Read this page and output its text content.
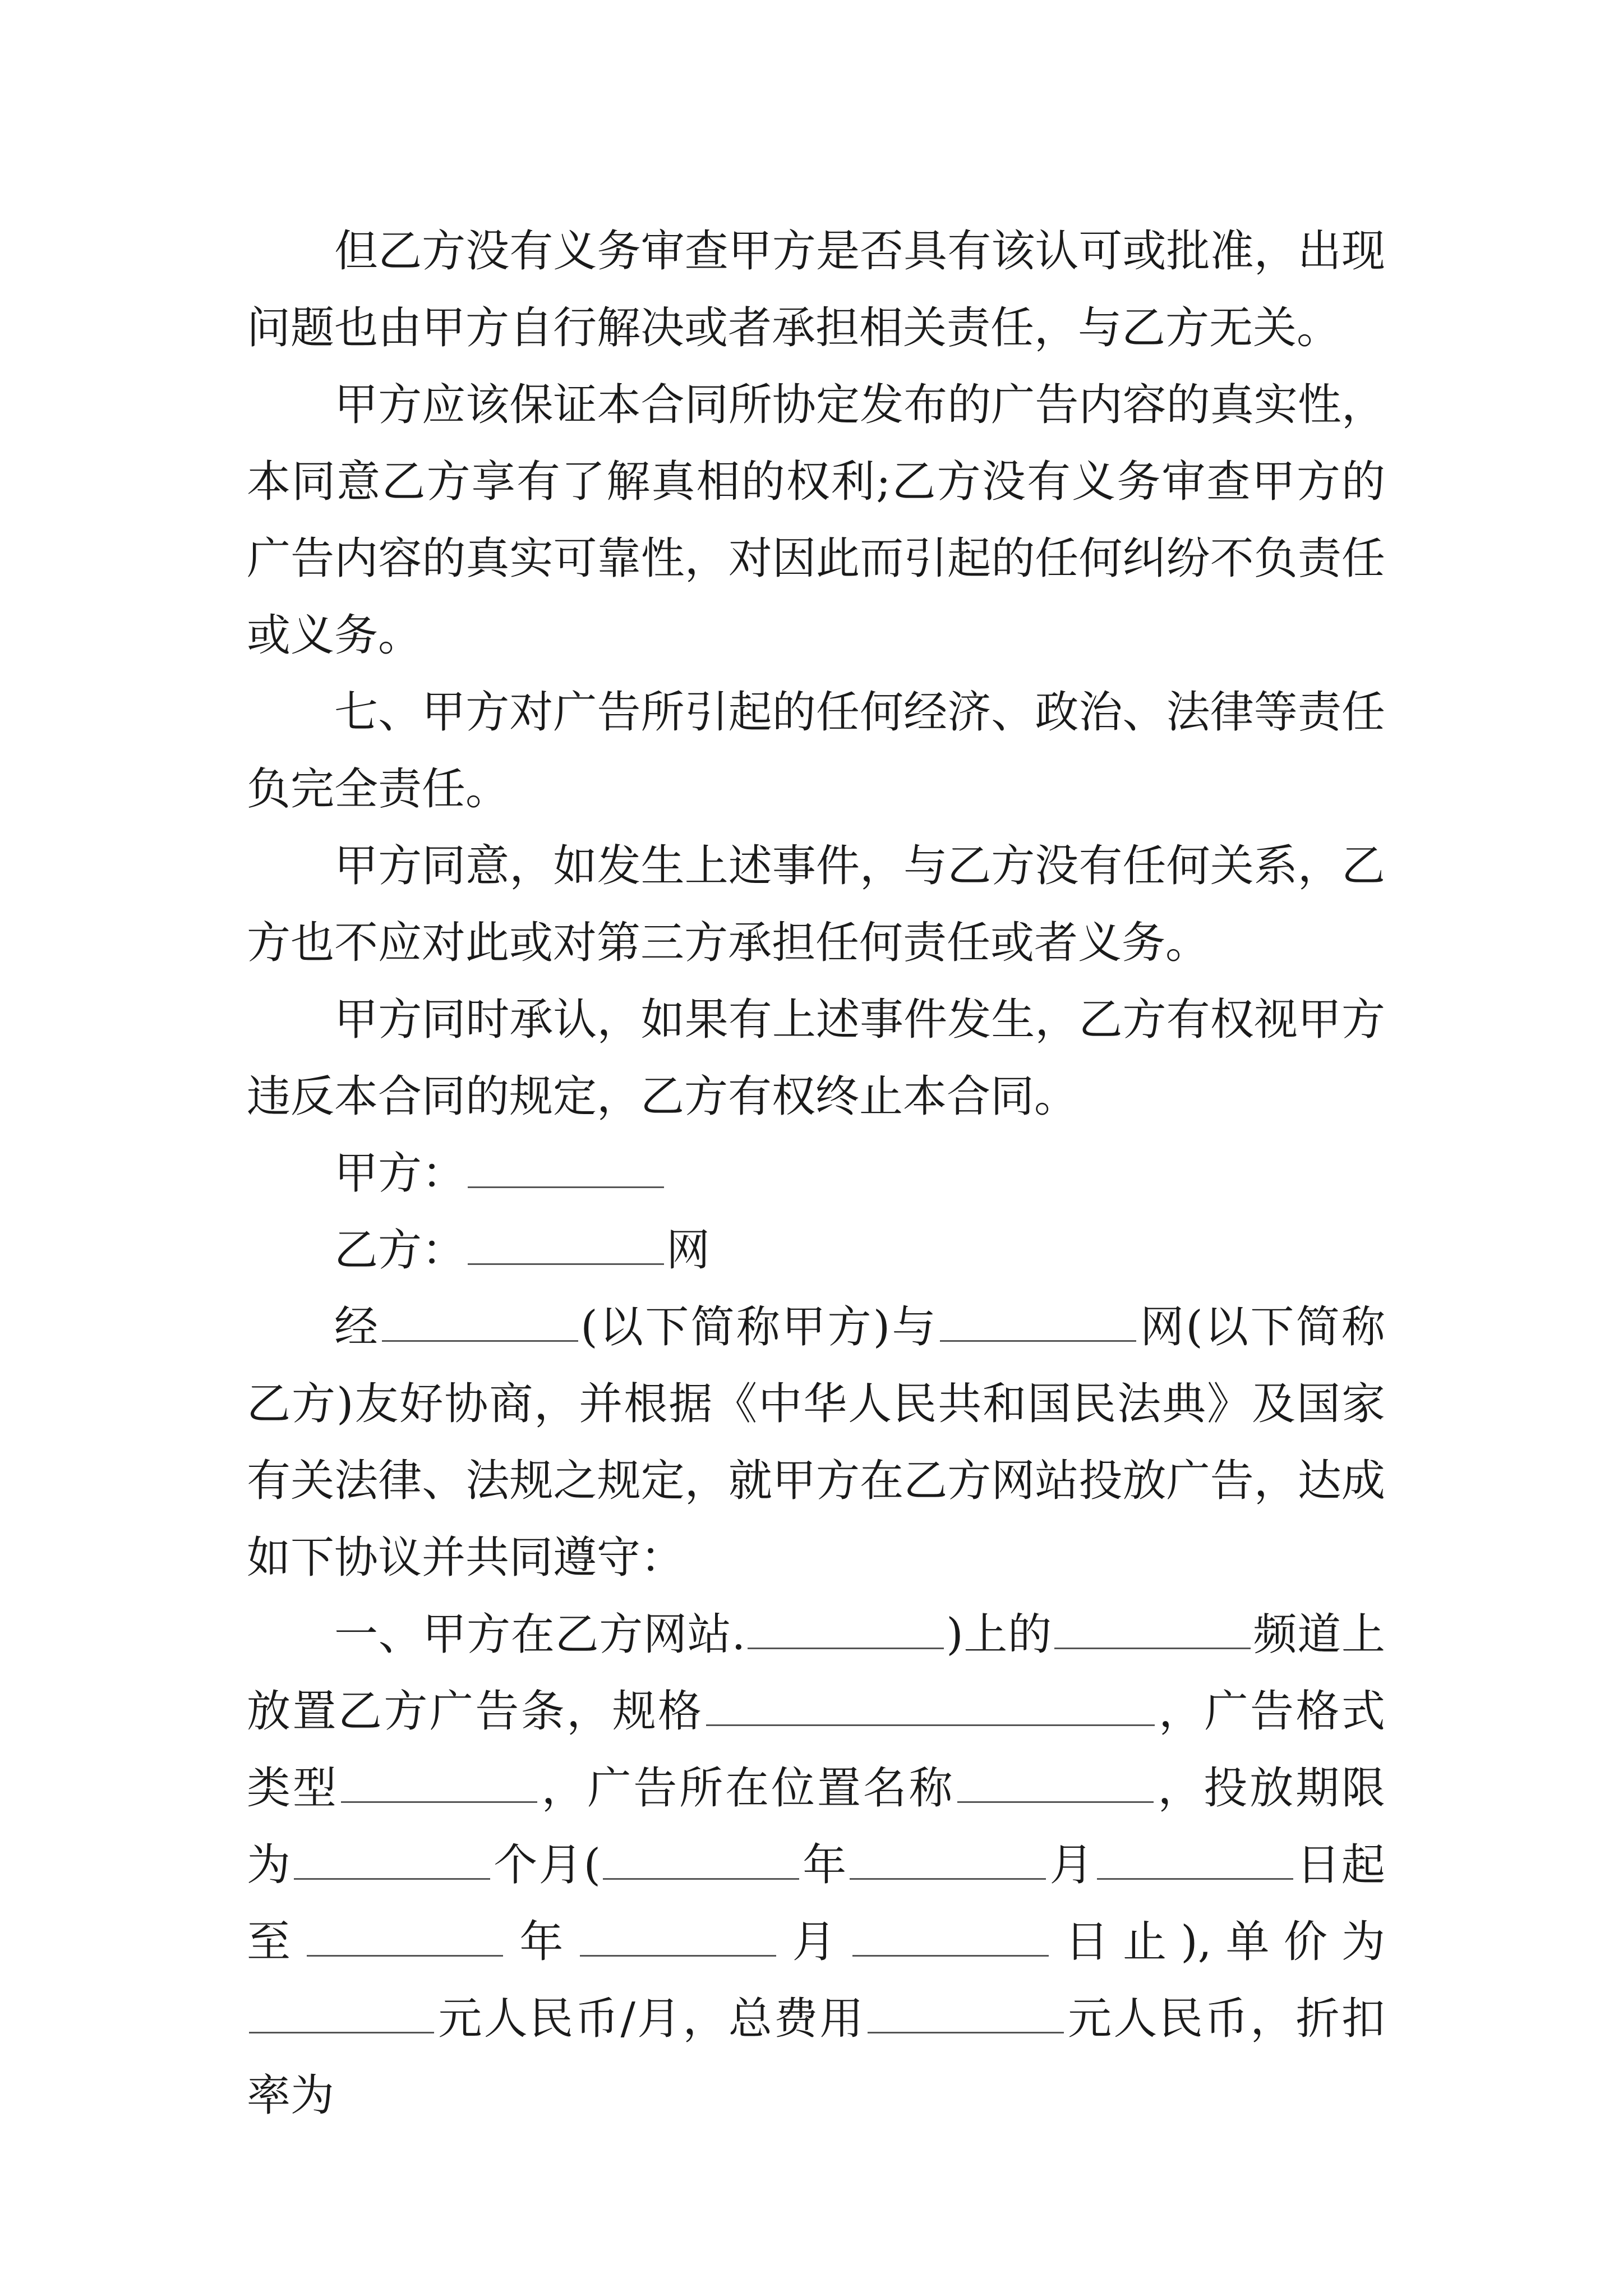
但乙方没有义务审查甲方是否具有该认可或批准，出现问题也由甲方自行解决或者承担相关责任，与乙方无关。

甲方应该保证本合同所协定发布的广告内容的真实性，本同意乙方享有了解真相的权利;乙方没有义务审查甲方的广告内容的真实可靠性，对因此而引起的任何纠纷不负责任或义务。

七、甲方对广告所引起的任何经济、政治、法律等责任负完全责任。

甲方同意，如发生上述事件，与乙方没有任何关系，乙方也不应对此或对第三方承担任何责任或者义务。

甲方同时承认，如果有上述事件发生，乙方有权视甲方违反本合同的规定，乙方有权终止本合同。

甲方：

乙方：	网

经	(以下简称甲方)与	网(以下简称乙方)友好协商，并根据《中华人民共和国民法典》及国家有关法律、法规之规定，就甲方在乙方网站投放广告，达成如下协议并共同遵守：

一、甲方在乙方网站.	)上的	频道上放置乙方广告条，规格	，广告格式类型	，广告所在位置名称	，投放期限为	个月(	年	月	日起至	年	月	日止),单价为元人民币/月，总费用	元人民币，折扣率为
